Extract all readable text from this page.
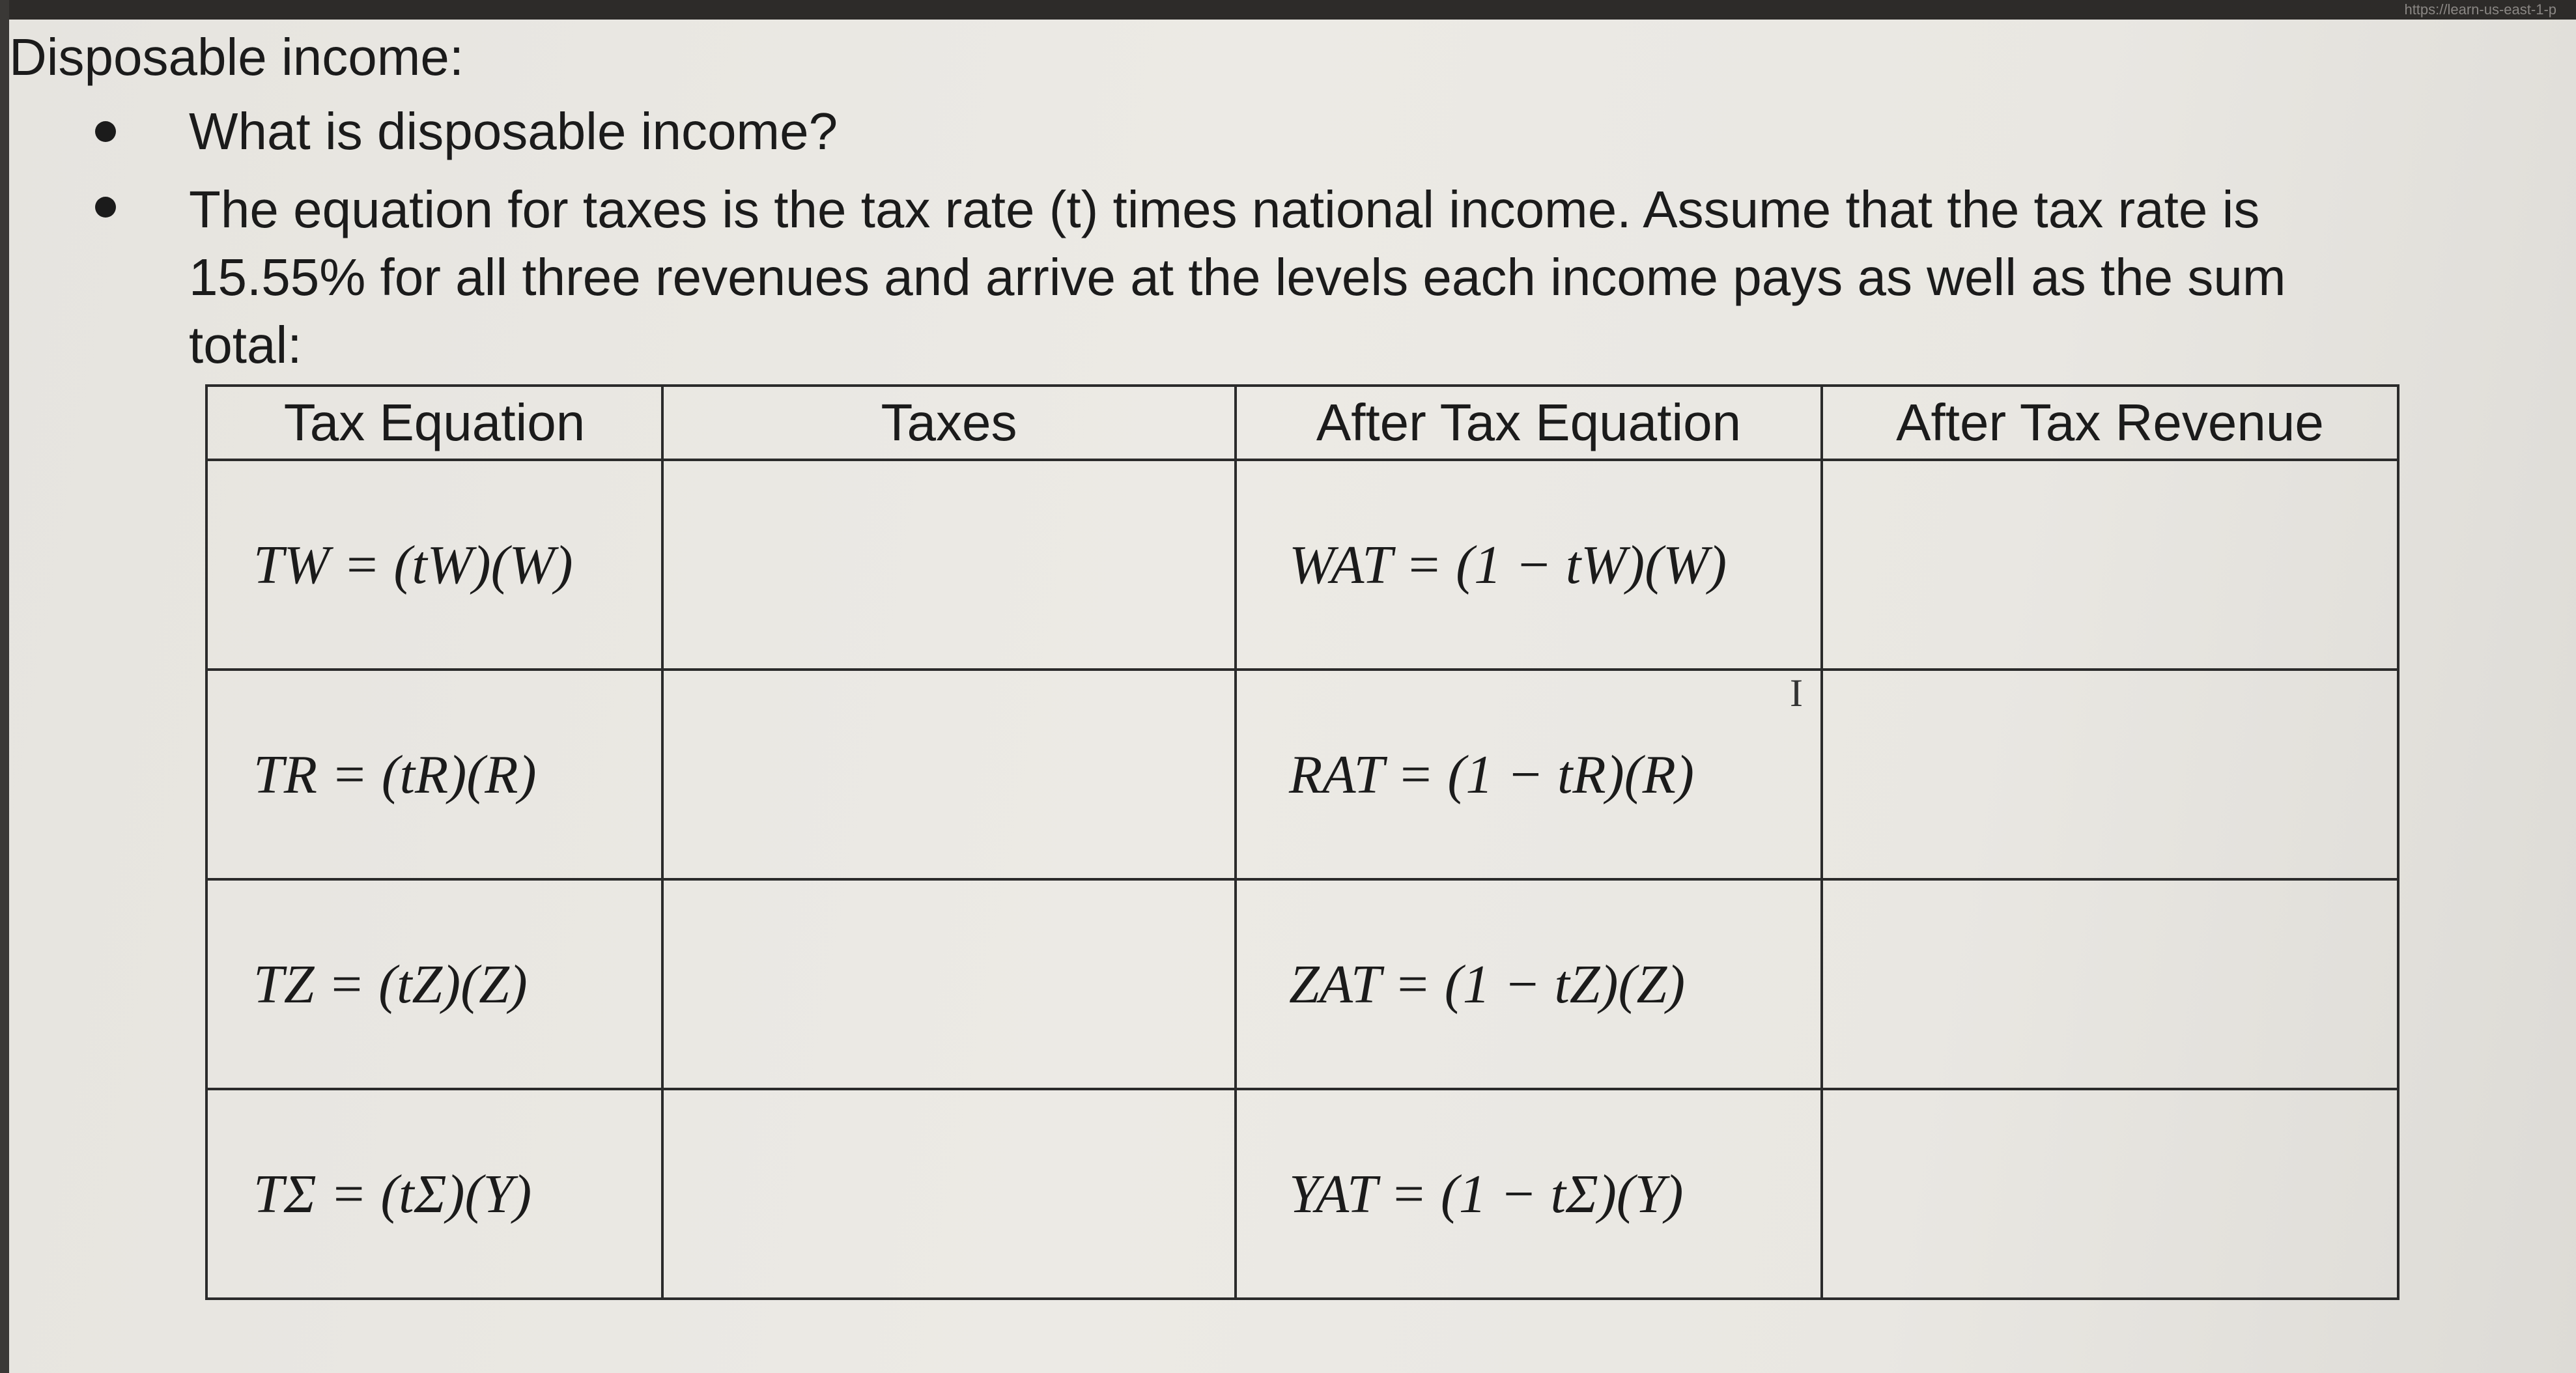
https://learn-us-east-1-p
Disposable income:
What is disposable income?
The equation for taxes is the tax rate (t) times national income. Assume that the tax rate is 15.55% for all three revenues and arrive at the levels each income pays as well as the sum total:
Tax Equation	Taxes	After Tax Equation	After Tax Revenue
TW = (tW)(W)		WAT = (1 − tW)(W)	
TR = (tR)(R)		RAT = (1 − tR)(R)	
TZ = (tZ)(Z)		ZAT = (1 − tZ)(Z)	
TΣ = (tΣ)(Y)		YAT = (1 − tΣ)(Y)	
Ι
